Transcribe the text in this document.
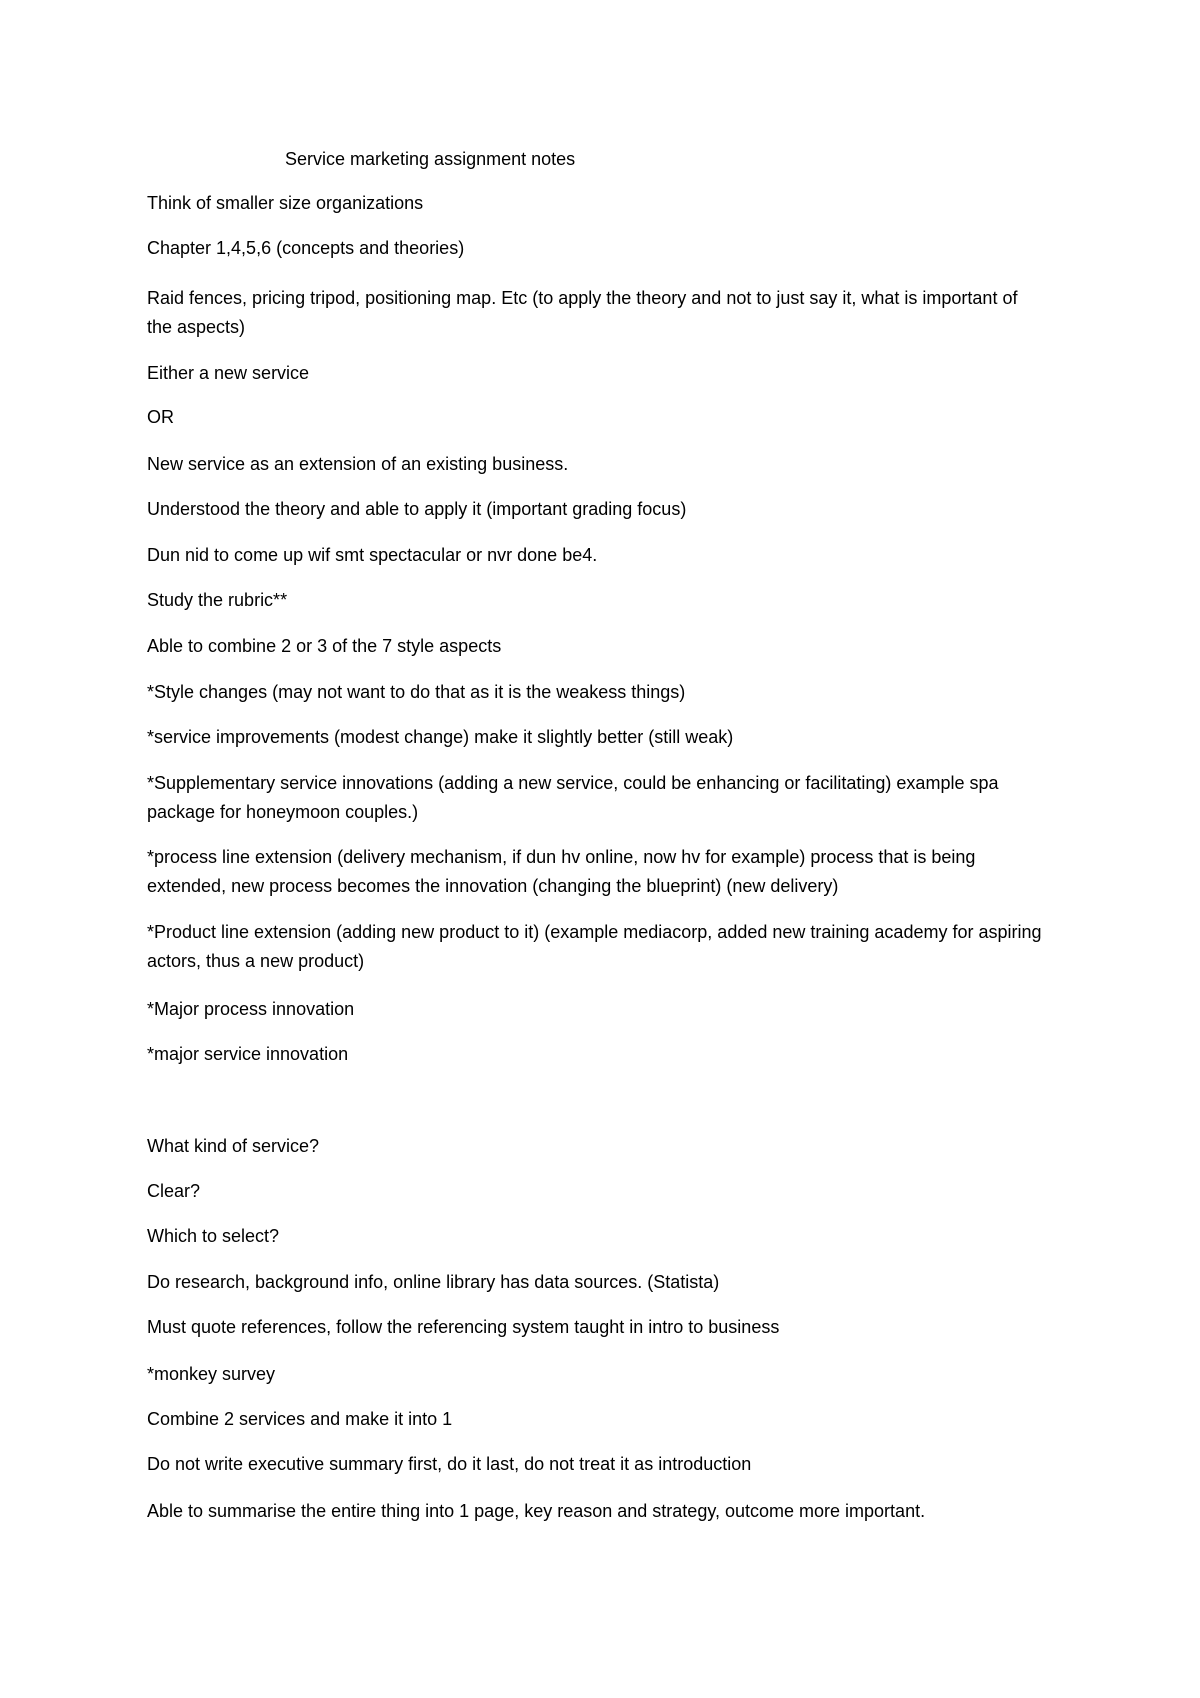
Service marketing assignment notes

Think of smaller size organizations

Chapter 1,4,5,6 (concepts and theories)

Raid fences, pricing tripod, positioning map. Etc (to apply the theory and not to just say it, what is important of the aspects)

Either a new service

OR

New service as an extension of an existing business.

Understood the theory and able to apply it (important grading focus)

Dun nid to come up wif smt spectacular or nvr done be4.

Study the rubric**

Able to combine 2 or 3 of the 7 style aspects

*Style changes (may not want to do that as it is the weakess things)

*service improvements (modest change) make it slightly better (still weak)

*Supplementary service innovations (adding a new service, could be enhancing or facilitating) example spa package for honeymoon couples.)

*process line extension (delivery mechanism, if dun hv online, now hv for example) process that is being extended, new process becomes the innovation (changing the blueprint) (new delivery)

*Product line extension (adding new product to it) (example mediacorp, added new training academy for aspiring actors, thus a new product)

*Major process innovation

*major service innovation

What kind of service?

Clear?

Which to select?

Do research, background info, online library has data sources. (Statista)

Must quote references, follow the referencing system taught in intro to business

*monkey survey

Combine 2 services and make it into 1

Do not write executive summary first, do it last, do not treat it as introduction

Able to summarise the entire thing into 1 page, key reason and strategy, outcome more important.
